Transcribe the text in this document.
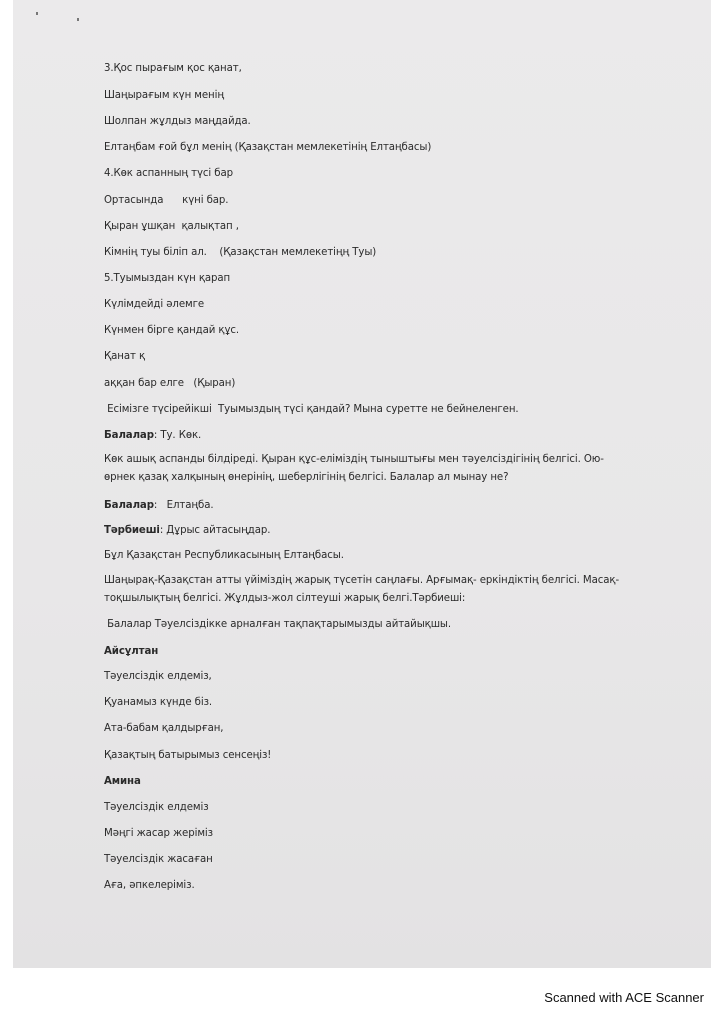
3.Қос пырағым қос қанат,
Шаңырағым күн менің
Шолпан жұлдыз маңдайда.
Елтаңбам ғой бұл менің (Қазақстан мемлекетінің Елтаңбасы)
4.Көк аспанның түсі бар
Ортасында      күні бар.
Қыран ұшқан  қалықтап ,
Кімнің туы біліп ал.    (Қазақстан мемлекетіңң Туы)
5.Туымыздан күн қарап
Күлімдейді әлемге
Күнмен бірге қандай құс.
Қанат қ
аққан бар елге   (Қыран)
Есімізге түсірейікші  Туымыздың түсі қандай? Мына суретте не бейнеленген.
Балалар: Ту. Көк.
Көк ашық аспанды білдіреді. Қыран құс-еліміздің тыныштығы мен тәуелсіздігінің белгісі. Ою-өрнек қазақ халқының өнерінің, шеберлігінің белгісі. Балалар ал мынау не?
Балалар:   Елтаңба.
Тәрбиеші: Дұрыс айтасыңдар.
Бұл Қазақстан Республикасының Елтаңбасы.
Шаңырақ-Қазақстан атты үйіміздің жарық түсетін саңлағы. Арғымақ- еркіндіктің белгісі. Масақ-тоқшылықтың белгісі. Жұлдыз-жол сілтеуші жарық белгі.Тәрбиеші:
Балалар Тәуелсіздікке арналған тақпақтарымызды айтайықшы.
Айсұлтан
Тәуелсіздік елдеміз,
Қуанамыз күнде біз.
Ата-бабам қалдырған,
Қазақтың батырымыз сенсеңіз!
Амина
Тәуелсіздік елдеміз
Мәңгі жасар жеріміз
Тәуелсіздік жасаған
Аға, әпкелеріміз.
Scanned with ACE Scanner
